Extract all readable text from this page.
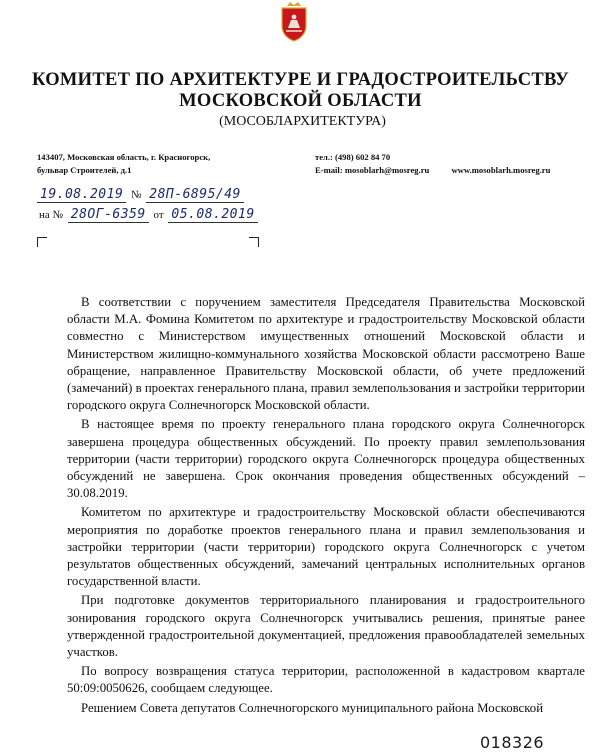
КОМИТЕТ ПО АРХИТЕКТУРЕ И ГРАДОСТРОИТЕЛЬСТВУ
МОСКОВСКОЙ ОБЛАСТИ
(МОСОБЛАРХИТЕКТУРА)
143407, Московская область, г. Красногорск,
бульвар Строителей, д.1
тел.: (498) 602 84 70
E-mail: mosoblarh@mosreg.ru	www.mosoblarh.mosreg.ru
19.08.2019 № 28П-6895/49
на № 28ОГ-6359 от 05.08.2019

В соответствии с поручением заместителя Председателя Правительства Московской области М.А. Фомина Комитетом по архитектуре и градостроительству Московской области совместно с Министерством имущественных отношений Московской области и Министерством жилищно-коммунального хозяйства Московской области рассмотрено Ваше обращение, направленное Правительству Московской области, об учете предложений (замечаний) в проектах генерального плана, правил землепользования и застройки территории городского округа Солнечногорск Московской области.

В настоящее время по проекту генерального плана городского округа Солнечногорск завершена процедура общественных обсуждений. По проекту правил землепользования территории (части территории) городского округа Солнечногорск процедура общественных обсуждений не завершена. Срок окончания проведения общественных обсуждений – 30.08.2019.

Комитетом по архитектуре и градостроительству Московской области обеспечиваются мероприятия по доработке проектов генерального плана и правил землепользования и застройки территории (части территории) городского округа Солнечногорск с учетом результатов общественных обсуждений, замечаний центральных исполнительных органов государственной власти.

При подготовке документов территориального планирования и градостроительного зонирования городского округа Солнечногорск учитывались решения, принятые ранее утвержденной градостроительной документацией, предложения правообладателей земельных участков.

По вопросу возвращения статуса территории, расположенной в кадастровом квартале 50:09:0050626, сообщаем следующее.

Решением Совета депутатов Солнечногорского муниципального района Московской

018326
